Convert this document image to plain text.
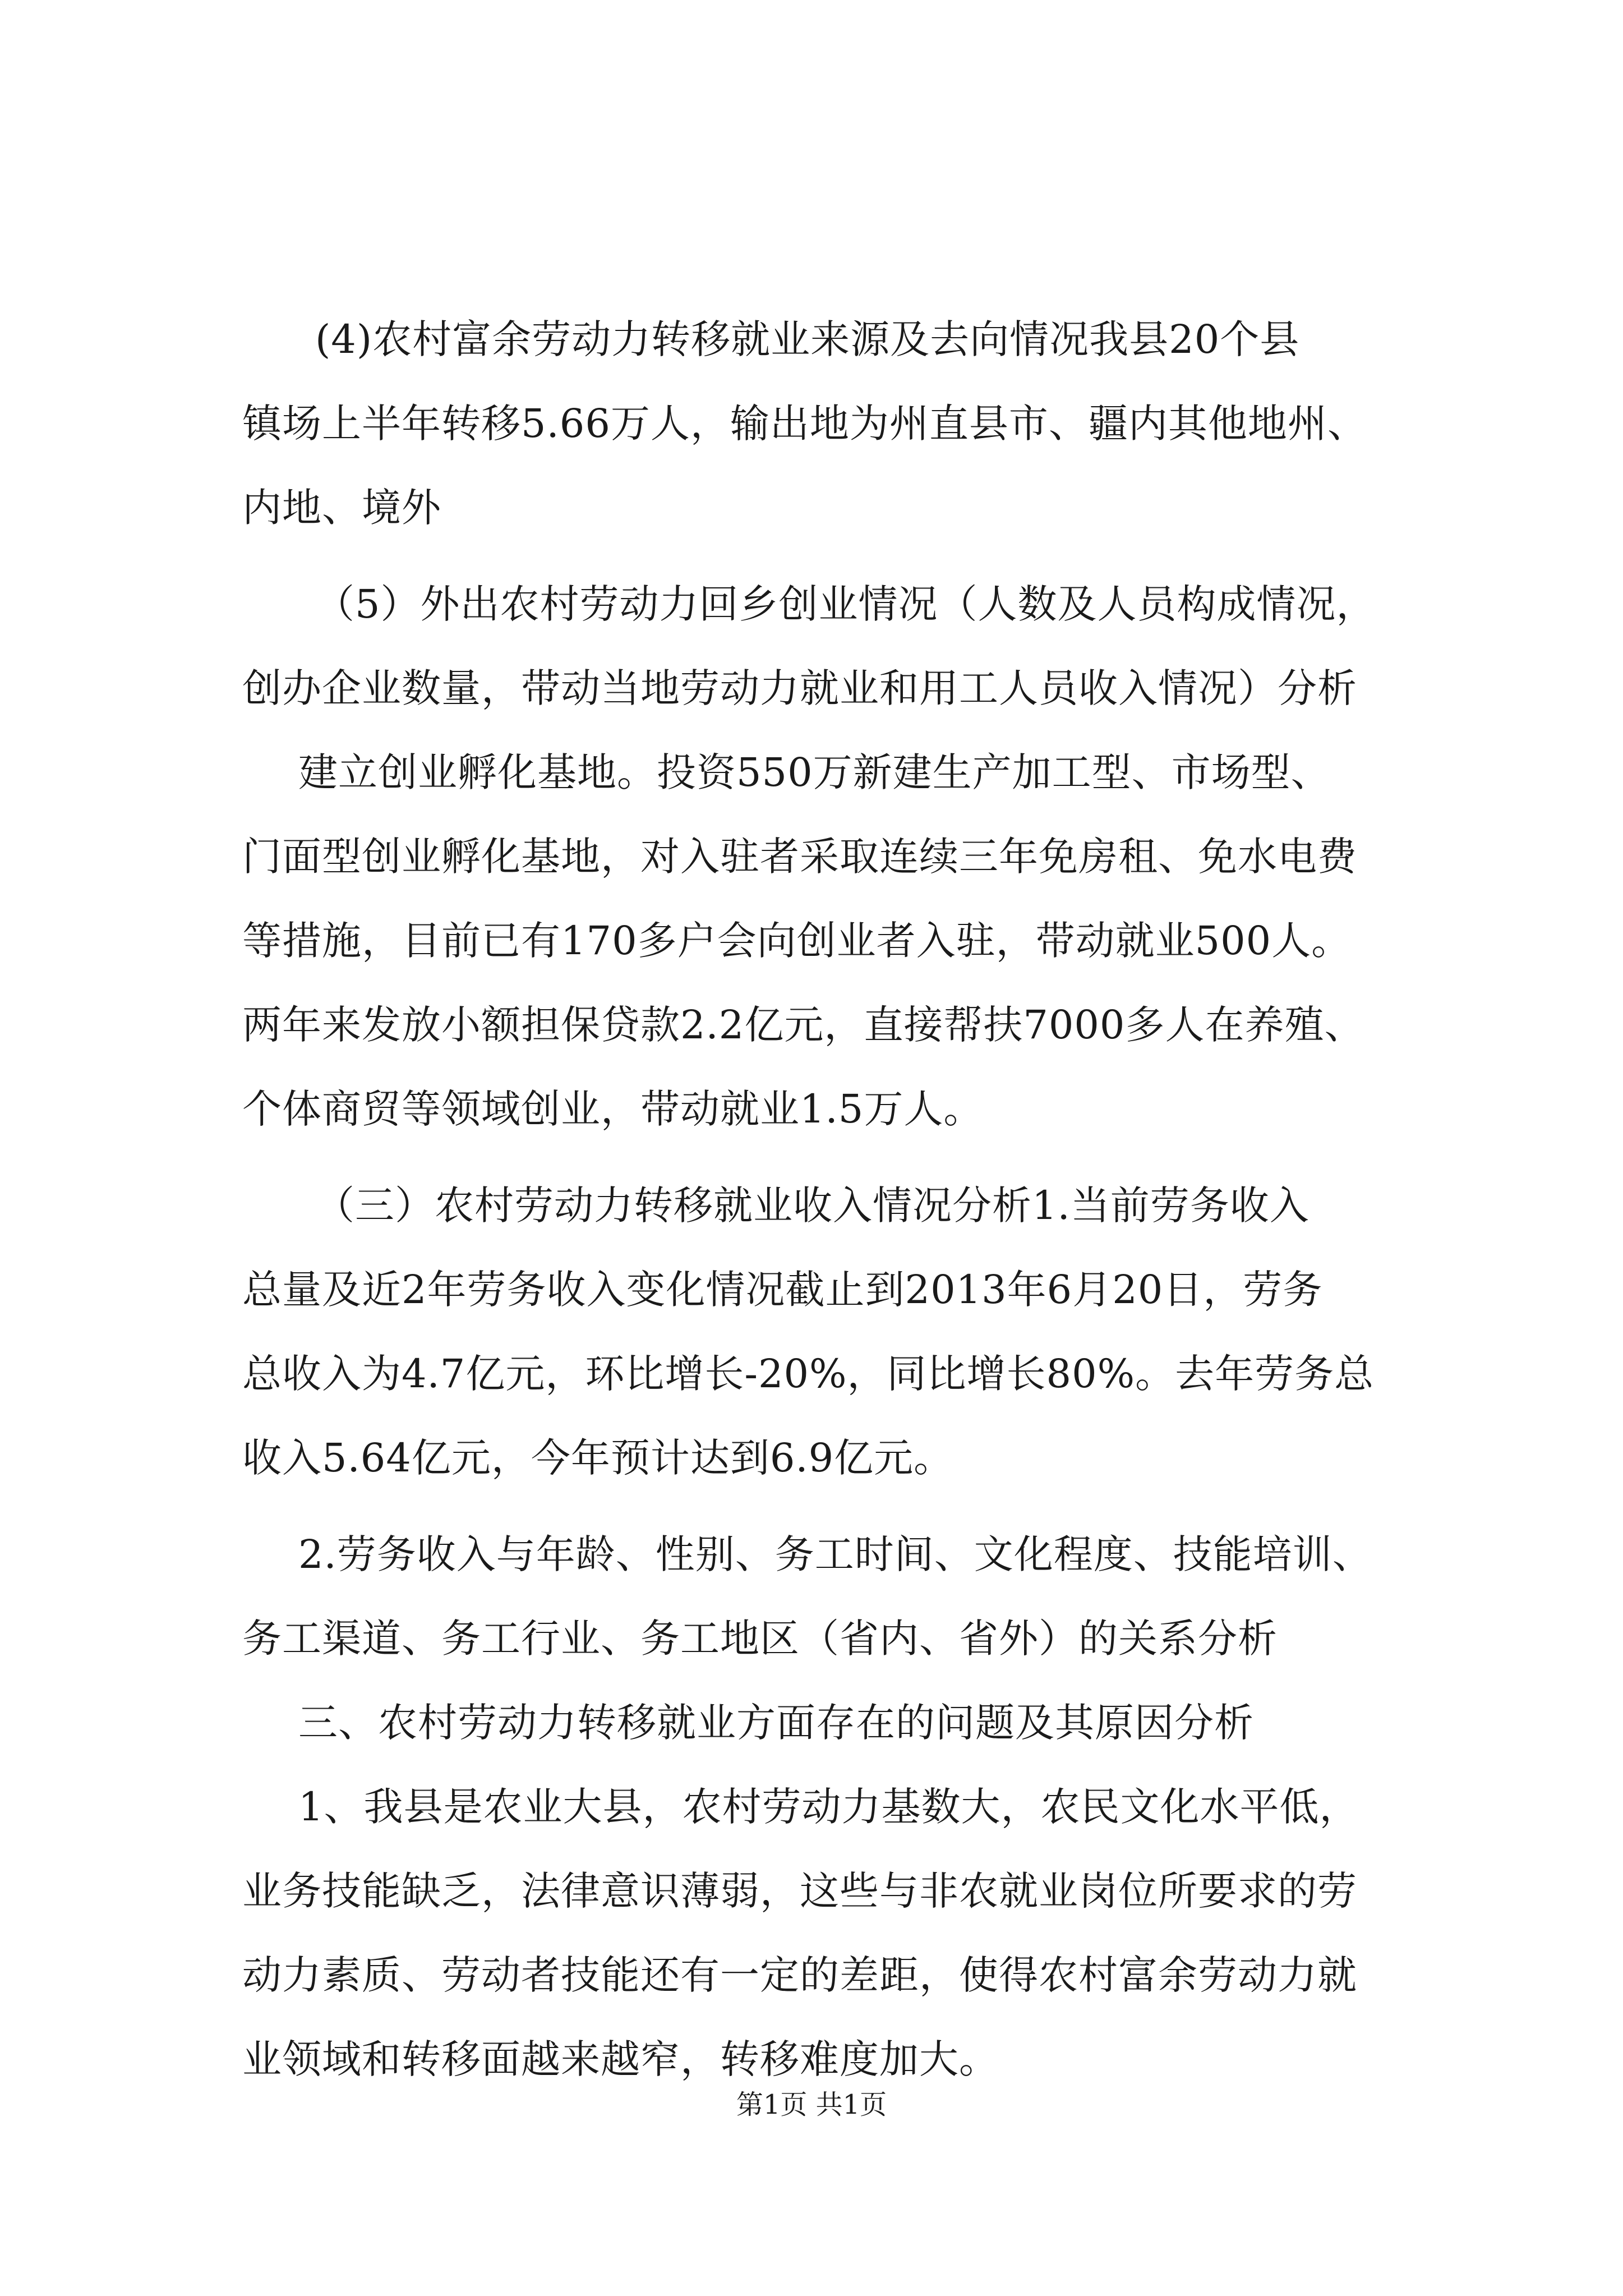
(4)农村富余劳动力转移就业来源及去向情况我县20个县
镇场上半年转移5.66万人，输出地为州直县市、疆内其他地州、
内地、境外
（5）外出农村劳动力回乡创业情况（人数及人员构成情况，
创办企业数量，带动当地劳动力就业和用工人员收入情况）分析
建立创业孵化基地。投资550万新建生产加工型、市场型、
门面型创业孵化基地，对入驻者采取连续三年免房租、免水电费
等措施，目前已有170多户会向创业者入驻，带动就业500人。
两年来发放小额担保贷款2.2亿元，直接帮扶7000多人在养殖、
个体商贸等领域创业，带动就业1.5万人。
（三）农村劳动力转移就业收入情况分析1.当前劳务收入
总量及近2年劳务收入变化情况截止到2013年6月20日，劳务
总收入为4.7亿元，环比增长-20%，同比增长80%。去年劳务总
收入5.64亿元，今年预计达到6.9亿元。
2.劳务收入与年龄、性别、务工时间、文化程度、技能培训、
务工渠道、务工行业、务工地区（省内、省外）的关系分析
三、农村劳动力转移就业方面存在的问题及其原因分析
1、我县是农业大县，农村劳动力基数大，农民文化水平低，
业务技能缺乏，法律意识薄弱，这些与非农就业岗位所要求的劳
动力素质、劳动者技能还有一定的差距，使得农村富余劳动力就
业领域和转移面越来越窄，转移难度加大。
第1页 共1页
